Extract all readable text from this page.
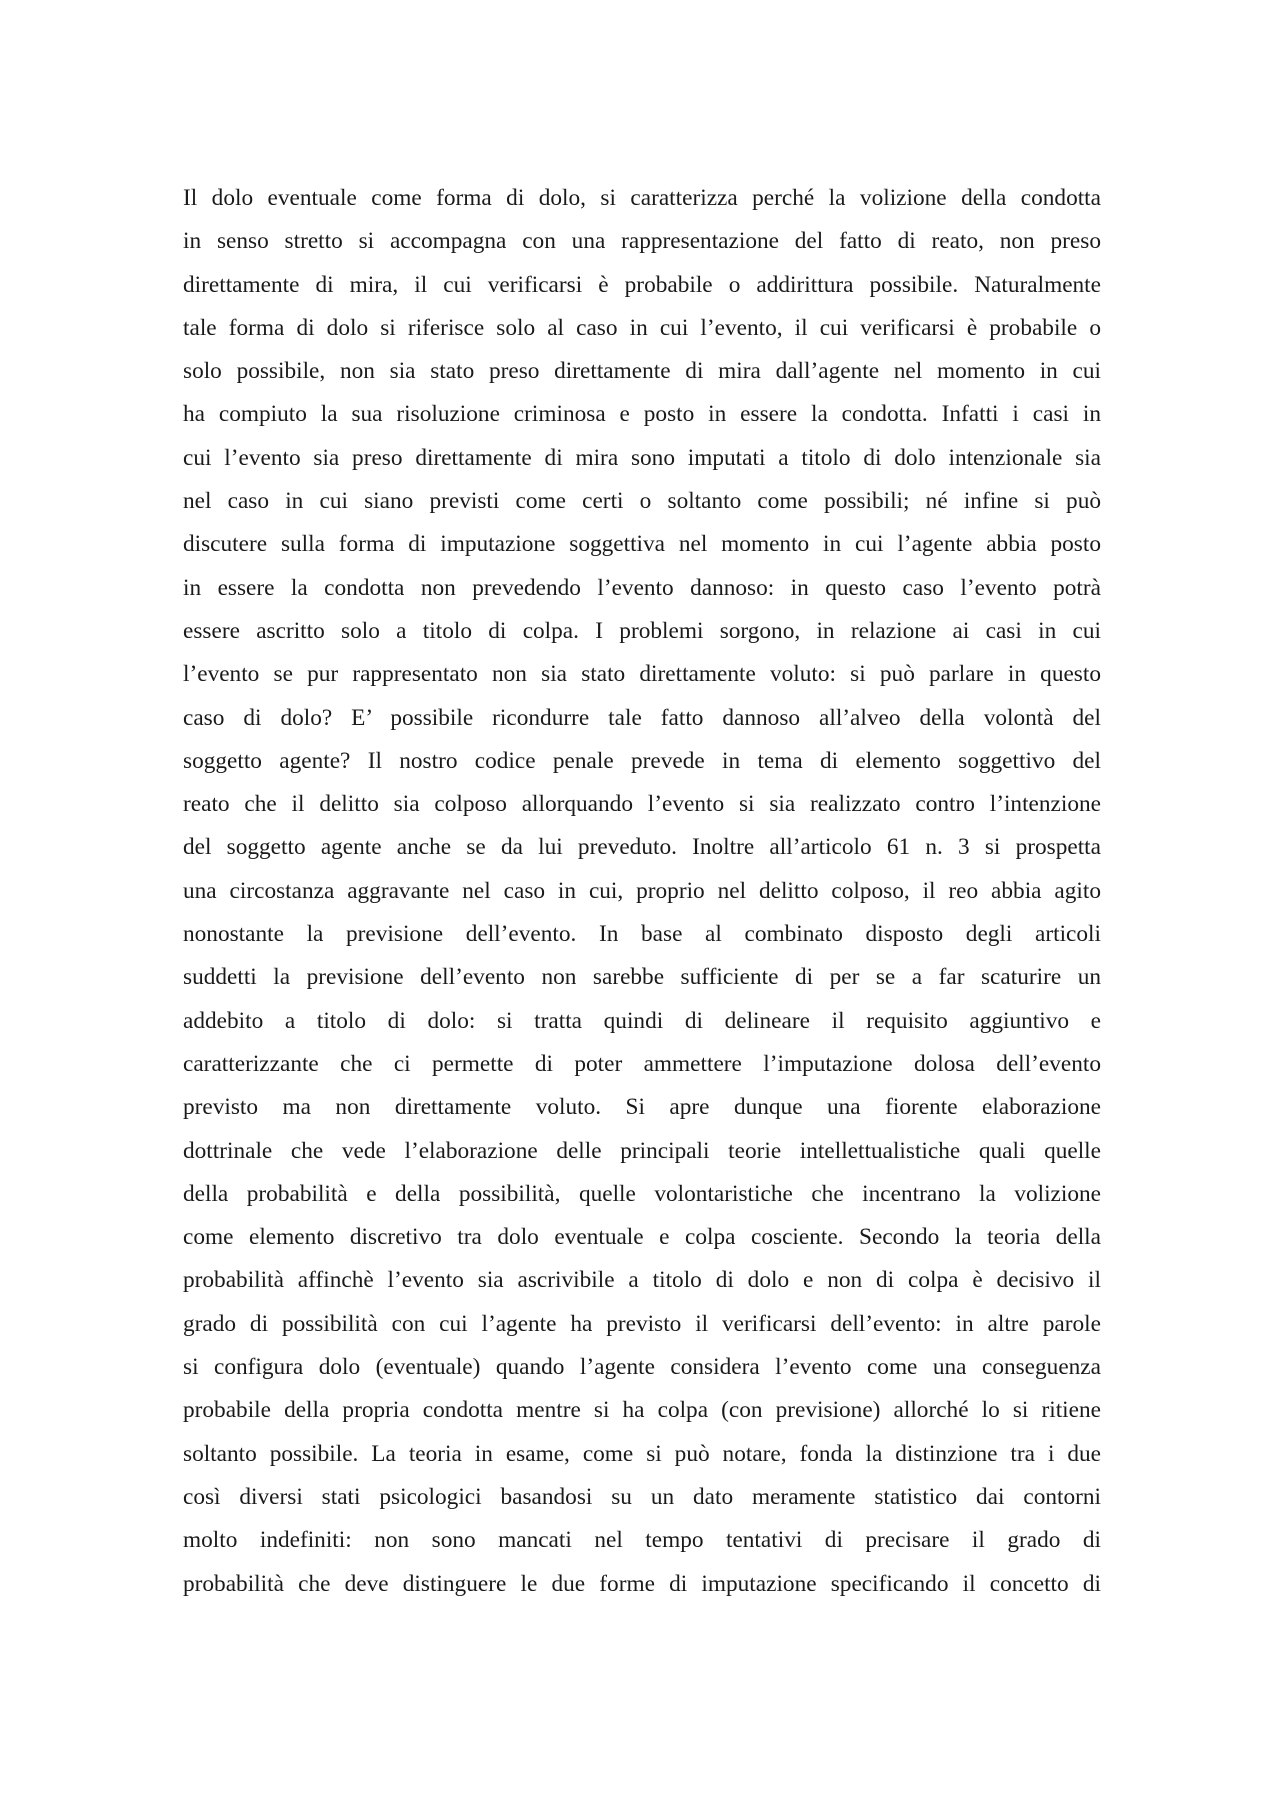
Il dolo eventuale come forma di dolo, si caratterizza perché la volizione della condotta
in senso stretto si accompagna con una rappresentazione del fatto di reato, non preso
direttamente di mira, il cui verificarsi è probabile o addirittura possibile. Naturalmente
tale forma di dolo si riferisce solo al caso in cui l’evento, il cui verificarsi è probabile o
solo possibile, non sia stato preso direttamente di mira dall’agente nel momento in cui
ha compiuto la sua risoluzione criminosa e posto in essere la condotta. Infatti i casi in
cui l’evento sia preso direttamente di mira sono imputati a titolo di dolo intenzionale sia
nel caso in cui siano previsti come certi o soltanto come possibili; né infine si può
discutere sulla forma di imputazione soggettiva nel momento in cui l’agente abbia posto
in essere la condotta non prevedendo l’evento dannoso: in questo caso l’evento potrà
essere ascritto solo a titolo di colpa. I problemi sorgono, in relazione ai casi in cui
l’evento se pur rappresentato non sia stato direttamente voluto: si può parlare in questo
caso di dolo? E’ possibile ricondurre tale fatto dannoso all’alveo della volontà del
soggetto agente? Il nostro codice penale prevede in tema di elemento soggettivo del
reato che il delitto sia colposo allorquando l’evento si sia realizzato contro l’intenzione
del soggetto agente anche se da lui preveduto. Inoltre all’articolo 61 n. 3 si prospetta
una circostanza aggravante nel caso in cui, proprio nel delitto colposo, il reo abbia agito
nonostante la previsione dell’evento. In base al combinato disposto degli articoli
suddetti la previsione dell’evento non sarebbe sufficiente di per se a far scaturire un
addebito a titolo di dolo: si tratta quindi di delineare il requisito aggiuntivo e
caratterizzante che ci permette di poter ammettere l’imputazione dolosa dell’evento
previsto ma non direttamente voluto. Si apre dunque una fiorente elaborazione
dottrinale che vede l’elaborazione delle principali teorie intellettualistiche quali quelle
della probabilità e della possibilità, quelle volontaristiche che incentrano la volizione
come elemento discretivo tra dolo eventuale e colpa cosciente. Secondo la teoria della
probabilità affinchè l’evento sia ascrivibile a titolo di dolo e non di colpa è decisivo il
grado di possibilità con cui l’agente ha previsto il verificarsi dell’evento: in altre parole
si configura dolo (eventuale) quando l’agente considera l’evento come una conseguenza
probabile della propria condotta mentre si ha colpa (con previsione) allorché lo si ritiene
soltanto possibile. La teoria in esame, come si può notare, fonda la distinzione tra i due
così diversi stati psicologici basandosi su un dato meramente statistico dai contorni
molto indefiniti: non sono mancati nel tempo tentativi di precisare il grado di
probabilità che deve distinguere le due forme di imputazione specificando il concetto di
